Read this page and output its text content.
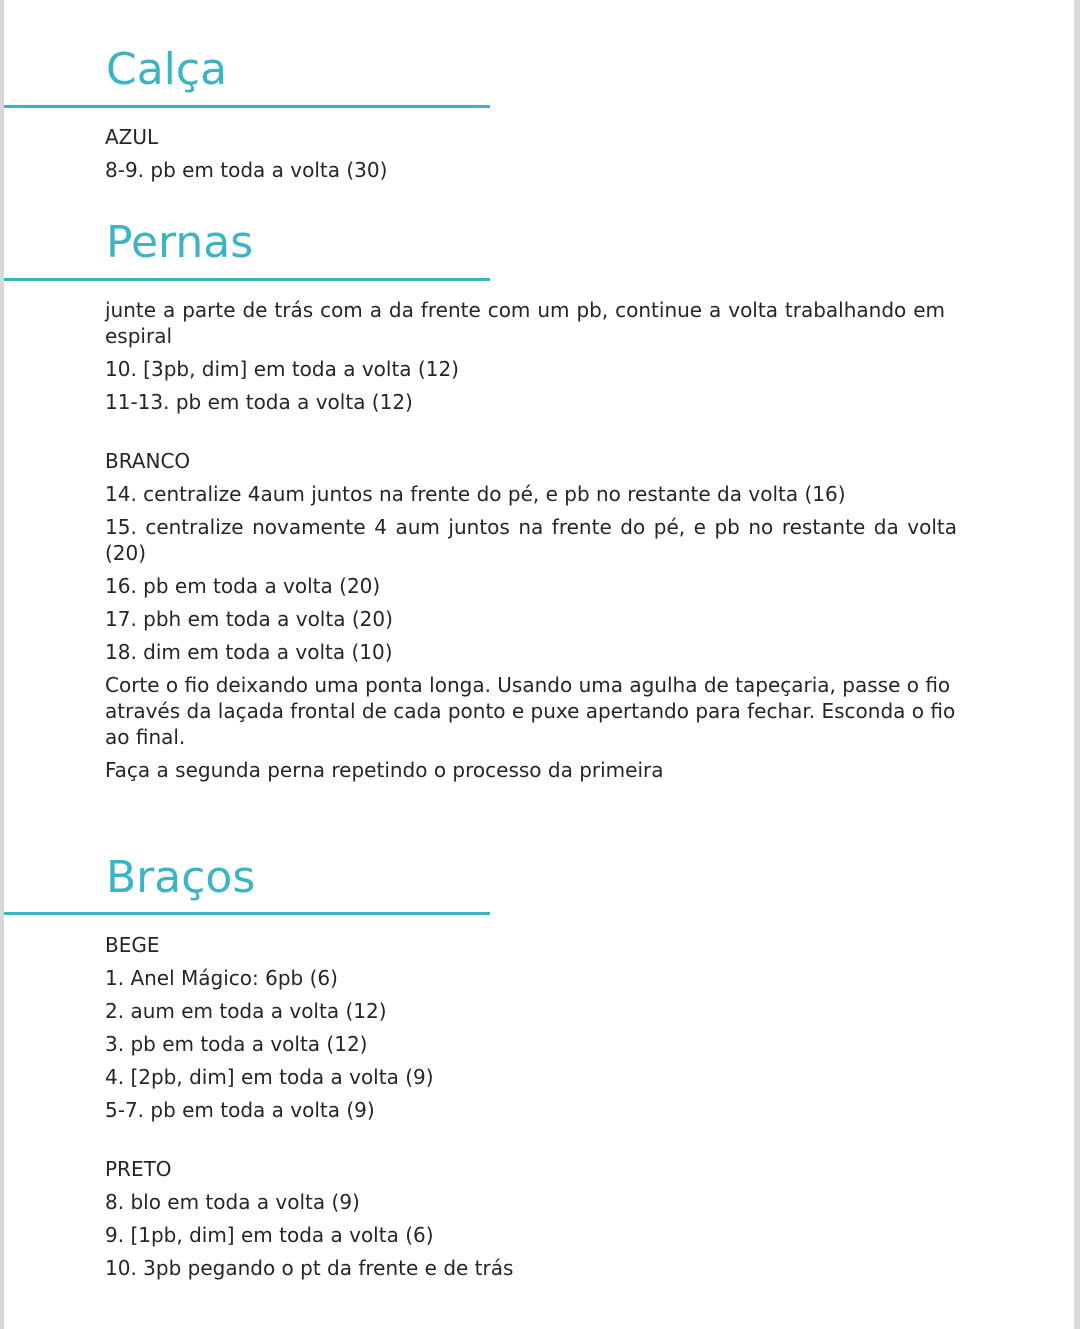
Calça
AZUL
8-9. pb em toda a volta (30)
Pernas
junte a parte de trás com a da frente com um pb, continue a volta trabalhando em espiral
10. [3pb, dim] em toda a volta (12)
11-13. pb em toda a volta (12)
BRANCO
14. centralize 4aum juntos na frente do pé, e pb no restante da volta (16)
15. centralize novamente 4 aum juntos na frente do pé, e pb no restante da volta (20)
16. pb em toda a volta (20)
17. pbh em toda a volta (20)
18. dim em toda a volta (10)
Corte o fio deixando uma ponta longa. Usando uma agulha de tapeçaria, passe o fio através da laçada frontal de cada ponto e puxe apertando para fechar. Esconda o fio ao final.
Faça a segunda perna repetindo o processo da primeira
Braços
BEGE
1. Anel Mágico: 6pb (6)
2. aum em toda a volta (12)
3. pb em toda a volta (12)
4. [2pb, dim] em toda a volta (9)
5-7. pb em toda a volta (9)
PRETO
8. blo em toda a volta (9)
9. [1pb, dim] em toda a volta (6)
10. 3pb pegando o pt da frente e de trás
